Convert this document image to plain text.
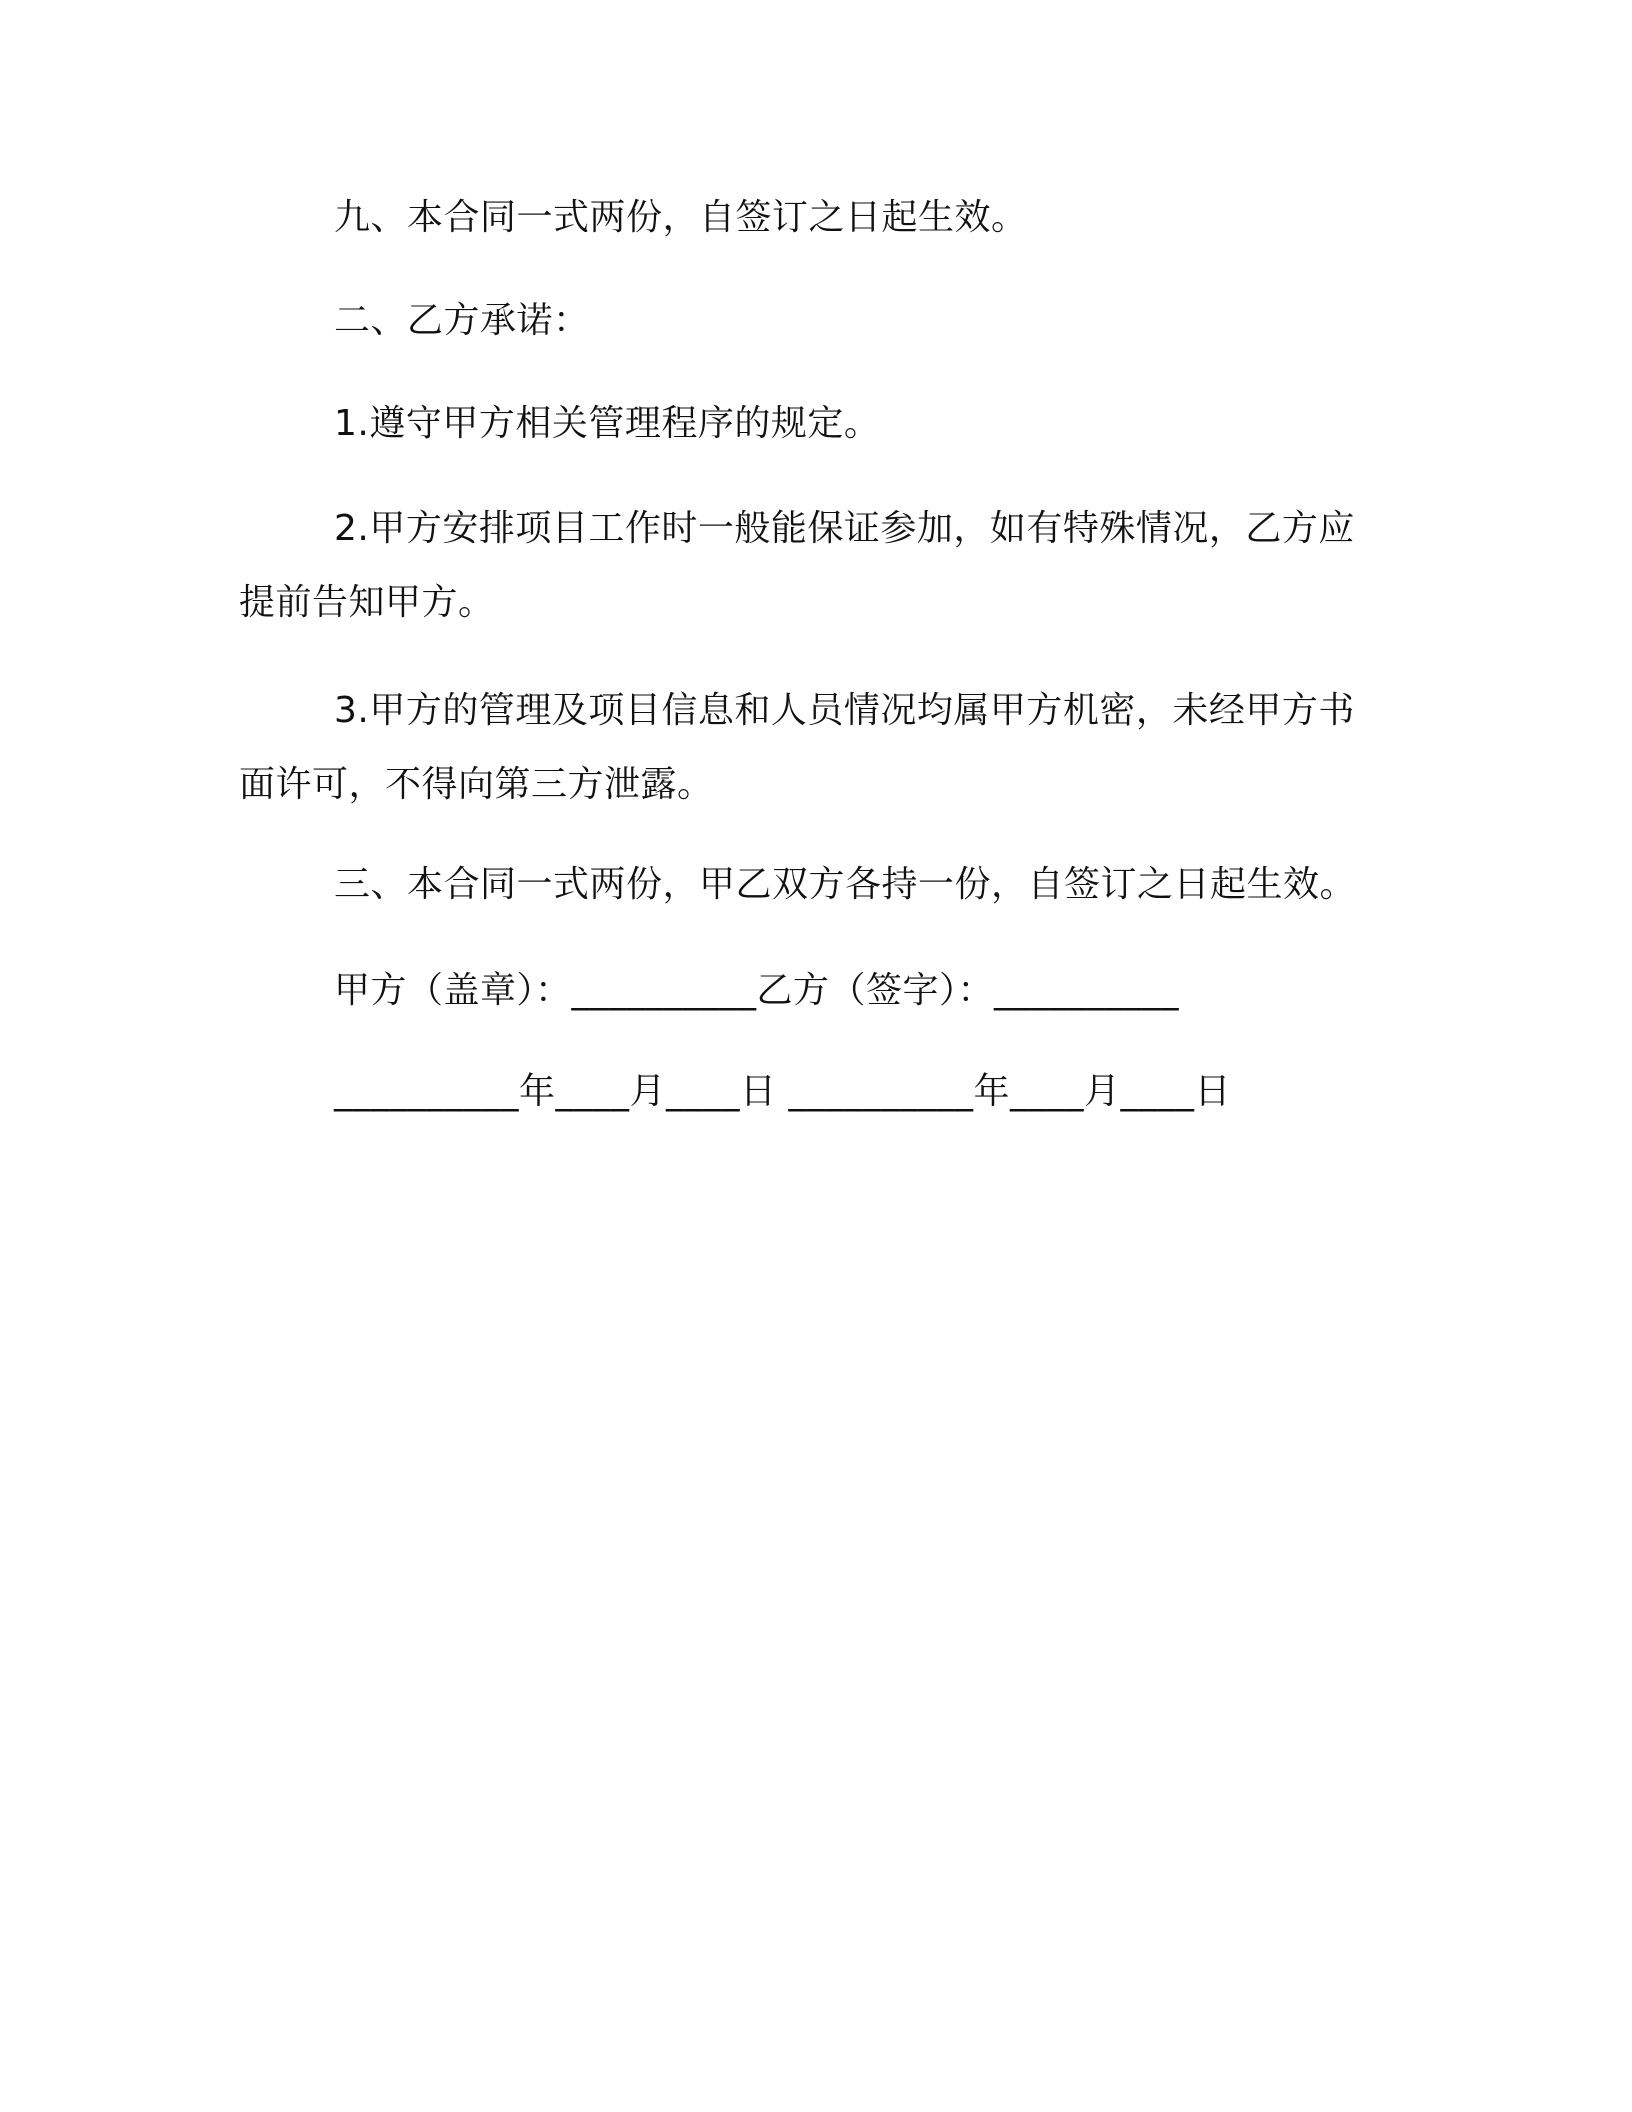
九、本合同一式两份，自签订之日起生效。

二、乙方承诺：

1.遵守甲方相关管理程序的规定。

2.甲方安排项目工作时一般能保证参加，如有特殊情况，乙方应提前告知甲方。

3.甲方的管理及项目信息和人员情况均属甲方机密，未经甲方书面许可，不得向第三方泄露。

三、本合同一式两份，甲乙双方各持一份，自签订之日起生效。

甲方（盖章）：__________乙方（签字）：__________

__________年____月____日 __________年____月____日
